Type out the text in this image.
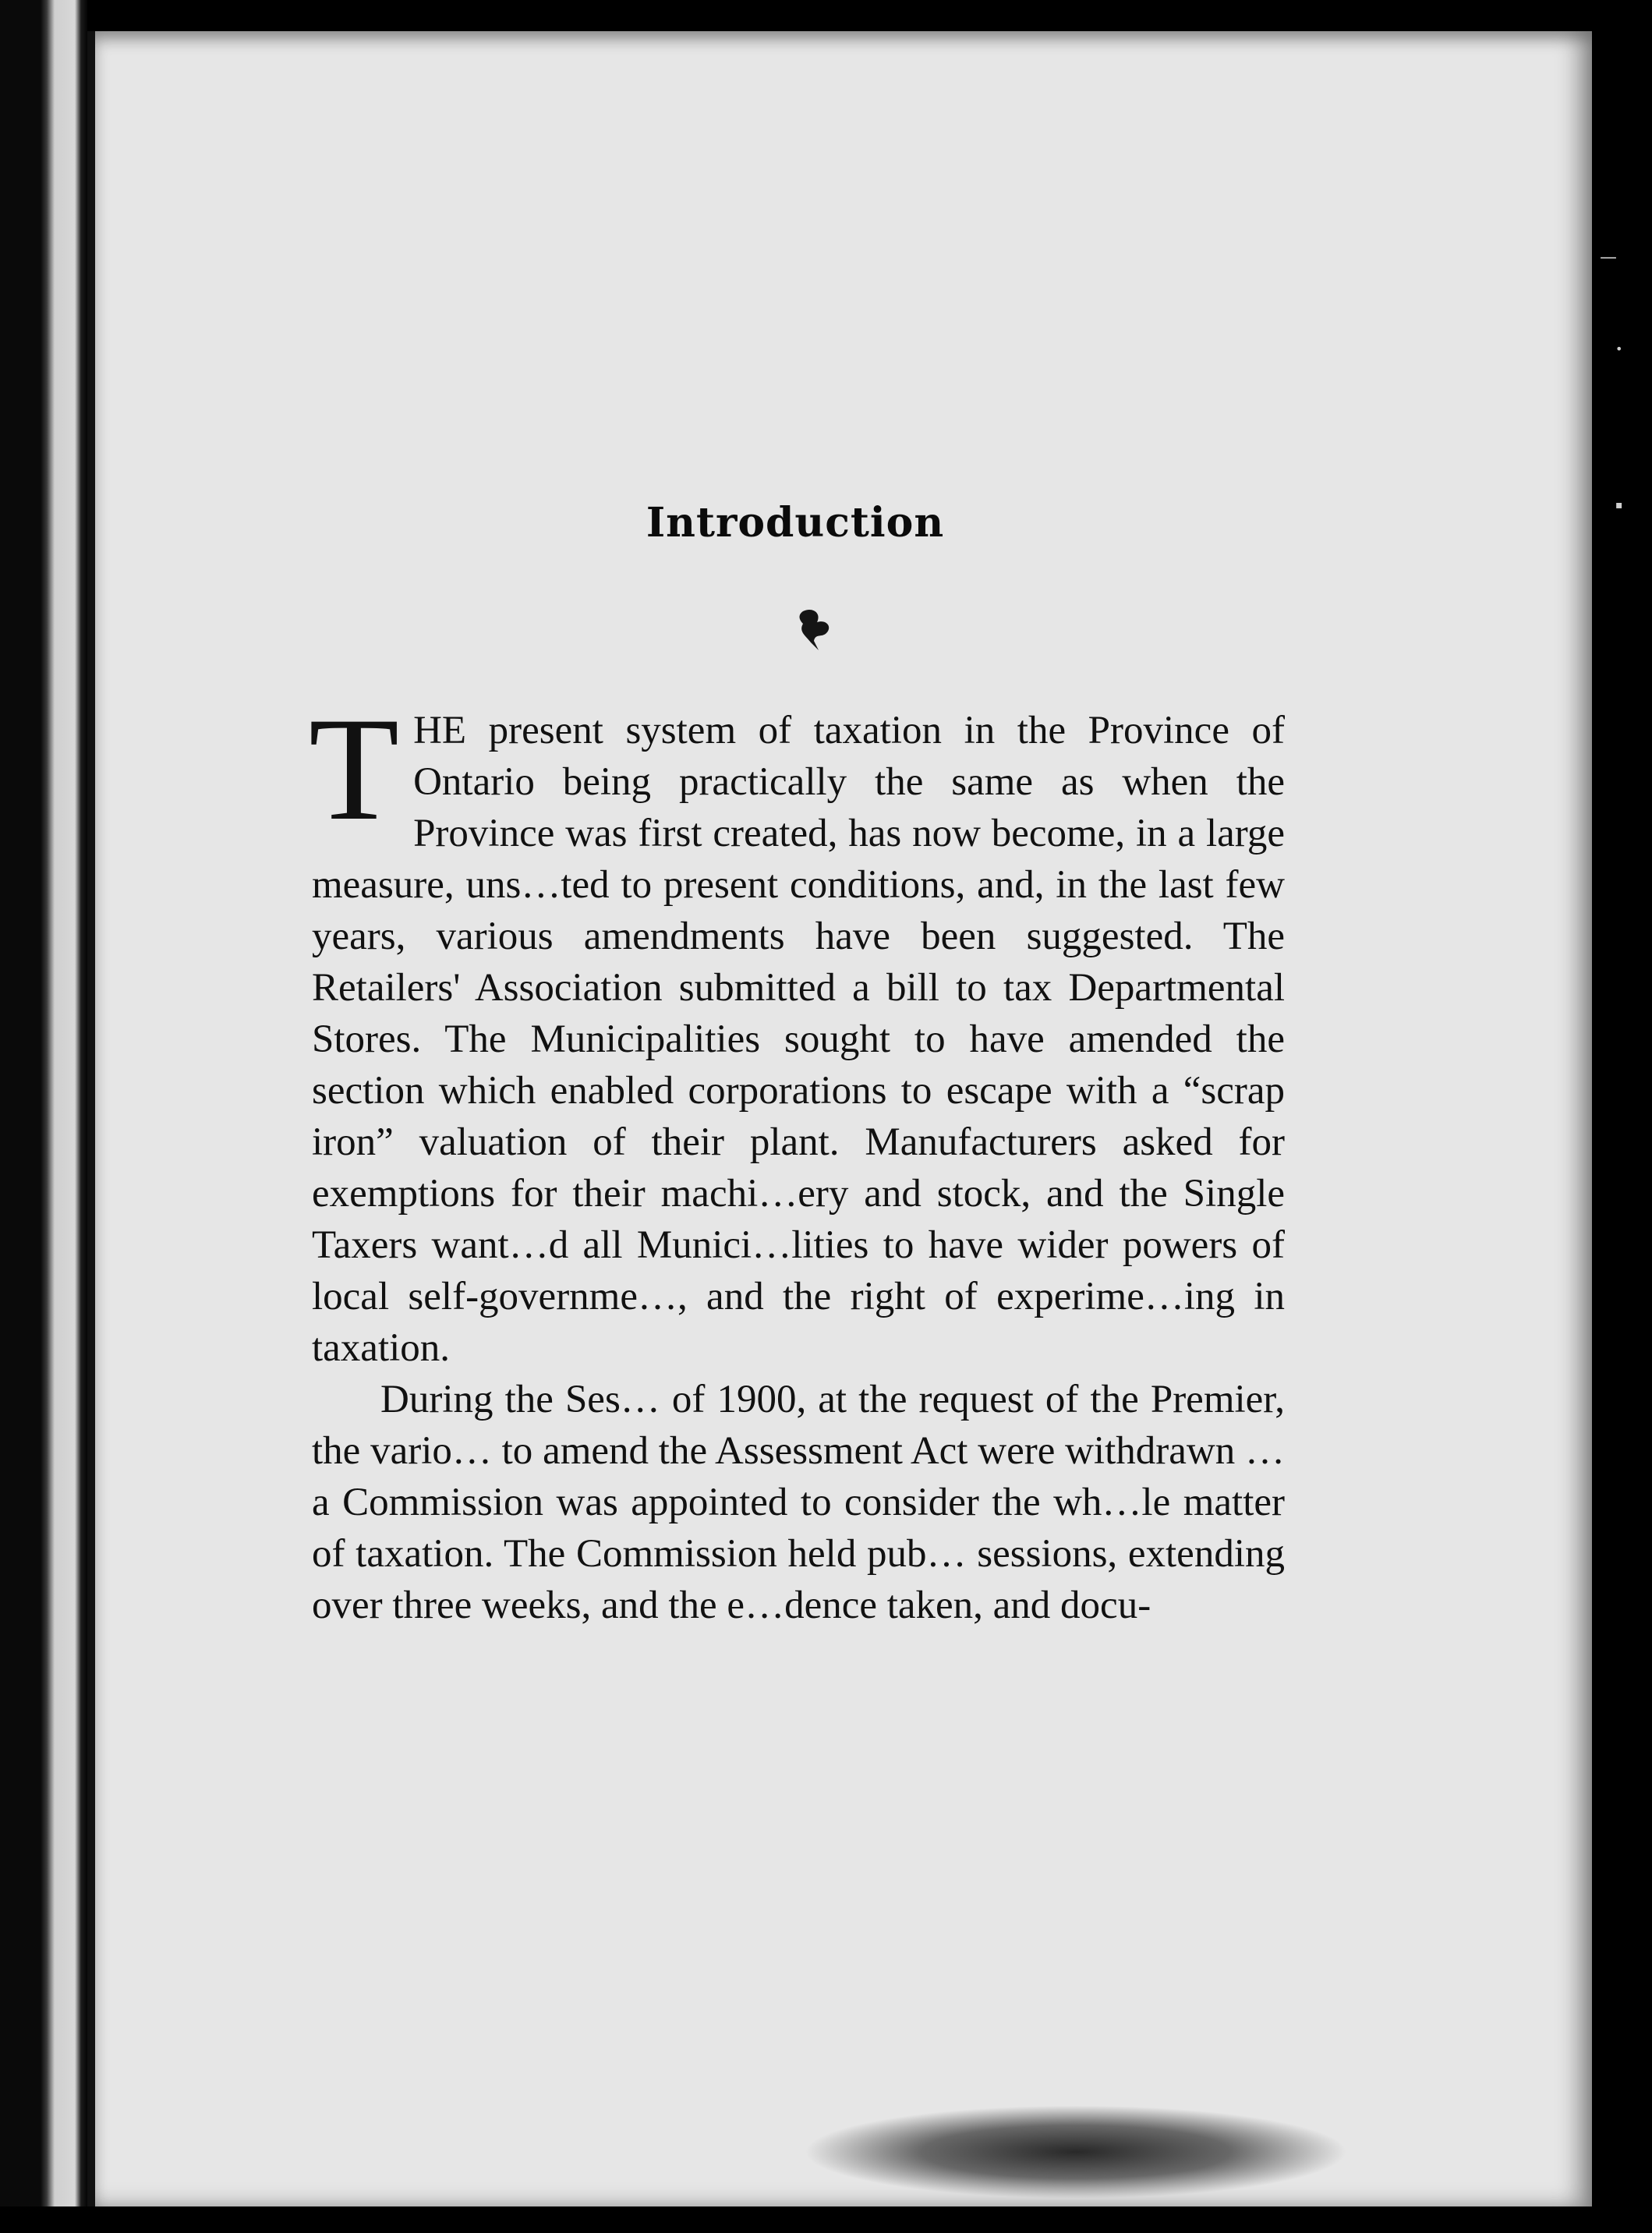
—
•
▪
Introduction

THE present system of taxation in the Province of Ontario being practically the same as when the Province was first created, has now become, in a large measure, uns…ted to present conditions, and, in the last few years, various amendments have been suggested. The Retailers' Association submitted a bill to tax Departmental Stores. The Municipalities sought to have amended the section which enabled corporations to escape with a “scrap iron” valuation of their plant. Manufacturers asked for exemptions for their machi…ery and stock, and the Single Taxers want…d all Munici…lities to have wider powers of local self-governme…, and the right of experime…ing in taxation.

During the Ses… of 1900, at the request of the Premier, the vario… to amend the Assessment Act were withdrawn … a Commission was appointed to consider the wh…le matter of taxation. The Commission held pub… sessions, extending over three weeks, and the e…dence taken, and docu-
